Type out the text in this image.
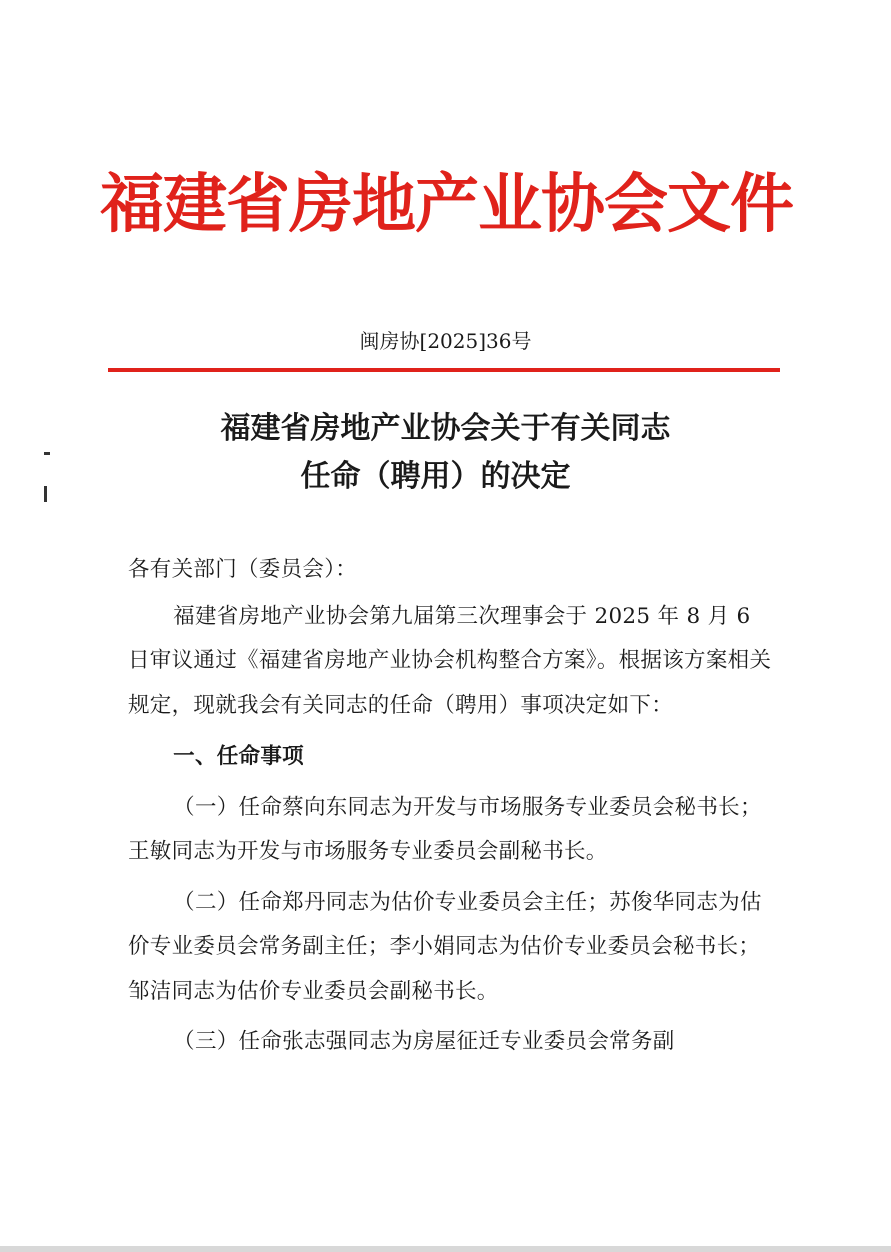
福建省房地产业协会文件
闽房协[2025]36号
福建省房地产业协会关于有关同志
任命（聘用）的决定

各有关部门（委员会）：

福建省房地产业协会第九届第三次理事会于 2025 年 8 月 6 日审议通过《福建省房地产业协会机构整合方案》。根据该方案相关规定，现就我会有关同志的任命（聘用）事项决定如下：

一、任命事项

（一）任命蔡向东同志为开发与市场服务专业委员会秘书长；王敏同志为开发与市场服务专业委员会副秘书长。

（二）任命郑丹同志为估价专业委员会主任；苏俊华同志为估价专业委员会常务副主任；李小娟同志为估价专业委员会秘书长；邹洁同志为估价专业委员会副秘书长。

（三）任命张志强同志为房屋征迁专业委员会常务副
